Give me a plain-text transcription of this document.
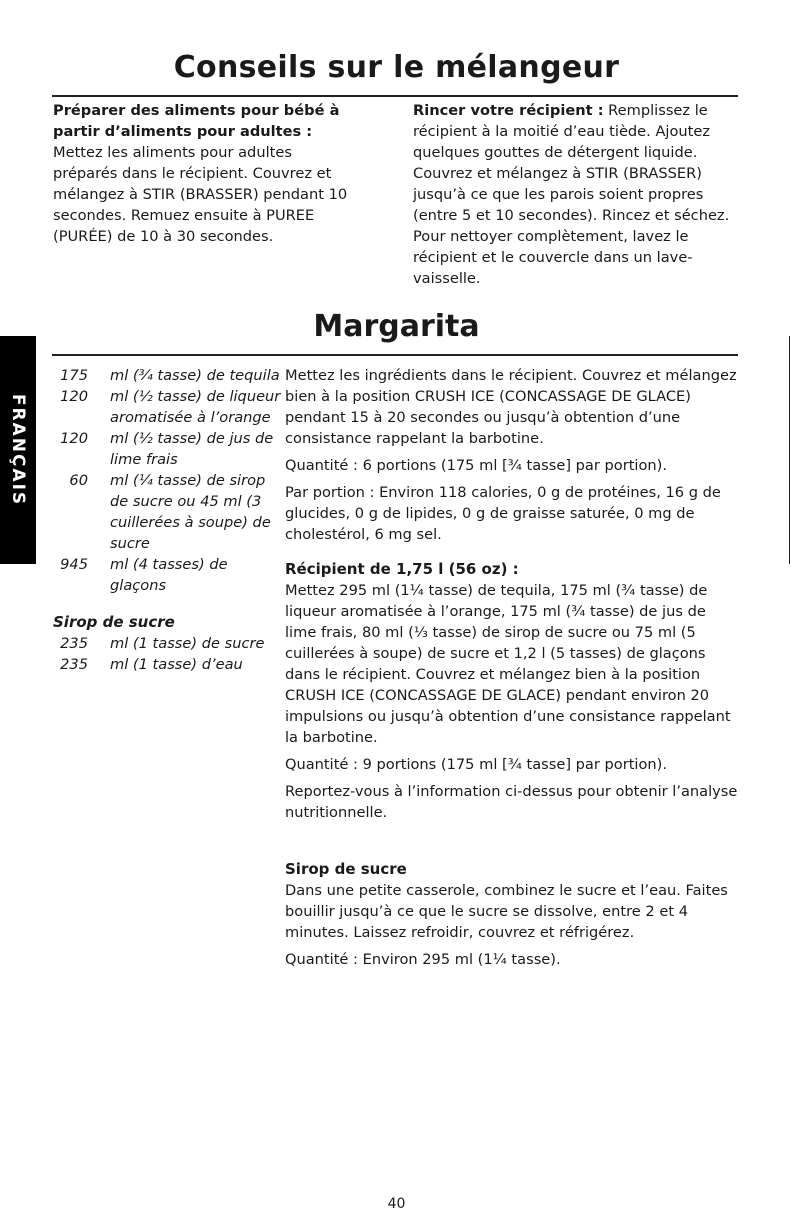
Conseils sur le mélangeur

Préparer des aliments pour bébé à partir d’aliments pour adultes : Mettez les aliments pour adultes préparés dans le récipient. Couvrez et mélangez à STIR (BRASSER) pendant 10 secondes. Remuez ensuite à PUREE (PURÉE) de 10 à 30 secondes.

Rincer votre récipient : Remplissez le récipient à la moitié d’eau tiède. Ajoutez quelques gouttes de détergent liquide. Couvrez et mélangez à STIR (BRASSER) jusqu’à ce que les parois soient propres (entre 5 et 10 secondes). Rincez et séchez. Pour nettoyer complètement, lavez le récipient et le couvercle dans un lave-vaisselle.

Margarita
FRANÇAIS
175 ml (¾ tasse) de tequila
120 ml (½ tasse) de liqueur aromatisée à l’orange
120 ml (½ tasse) de jus de lime frais
60 ml (¼ tasse) de sirop de sucre ou 45 ml (3 cuillerées à soupe) de sucre
945 ml (4 tasses) de glaçons
Sirop de sucre
235 ml (1 tasse) de sucre
235 ml (1 tasse) d’eau

Mettez les ingrédients dans le récipient. Couvrez et mélangez bien à la position CRUSH ICE (CONCASSAGE DE GLACE) pendant 15 à 20 secondes ou jusqu’à obtention d’une consistance rappelant la barbotine.

Quantité : 6 portions (175 ml [¾ tasse] par portion).

Par portion : Environ 118 calories, 0 g de protéines, 16 g de glucides, 0 g de lipides, 0 g de graisse saturée, 0 mg de cholestérol, 6 mg sel.

Récipient de 1,75 l (56 oz) :

Mettez 295 ml (1¼ tasse) de tequila, 175 ml (¾ tasse) de liqueur aromatisée à l’orange, 175 ml (¾ tasse) de jus de lime frais, 80 ml (⅓ tasse) de sirop de sucre ou 75 ml (5 cuillerées à soupe) de sucre et 1,2 l (5 tasses) de glaçons dans le récipient. Couvrez et mélangez bien à la position CRUSH ICE (CONCASSAGE DE GLACE) pendant environ 20 impulsions ou jusqu’à obtention d’une consistance rappelant la barbotine.

Quantité : 9 portions (175 ml [¾ tasse] par portion).

Reportez-vous à l’information ci-dessus pour obtenir l’analyse nutritionnelle.

Sirop de sucre

Dans une petite casserole, combinez le sucre et l’eau. Faites bouillir jusqu’à ce que le sucre se dissolve, entre 2 et 4 minutes. Laissez refroidir, couvrez et réfrigérez.

Quantité : Environ 295 ml (1¼ tasse).

40
